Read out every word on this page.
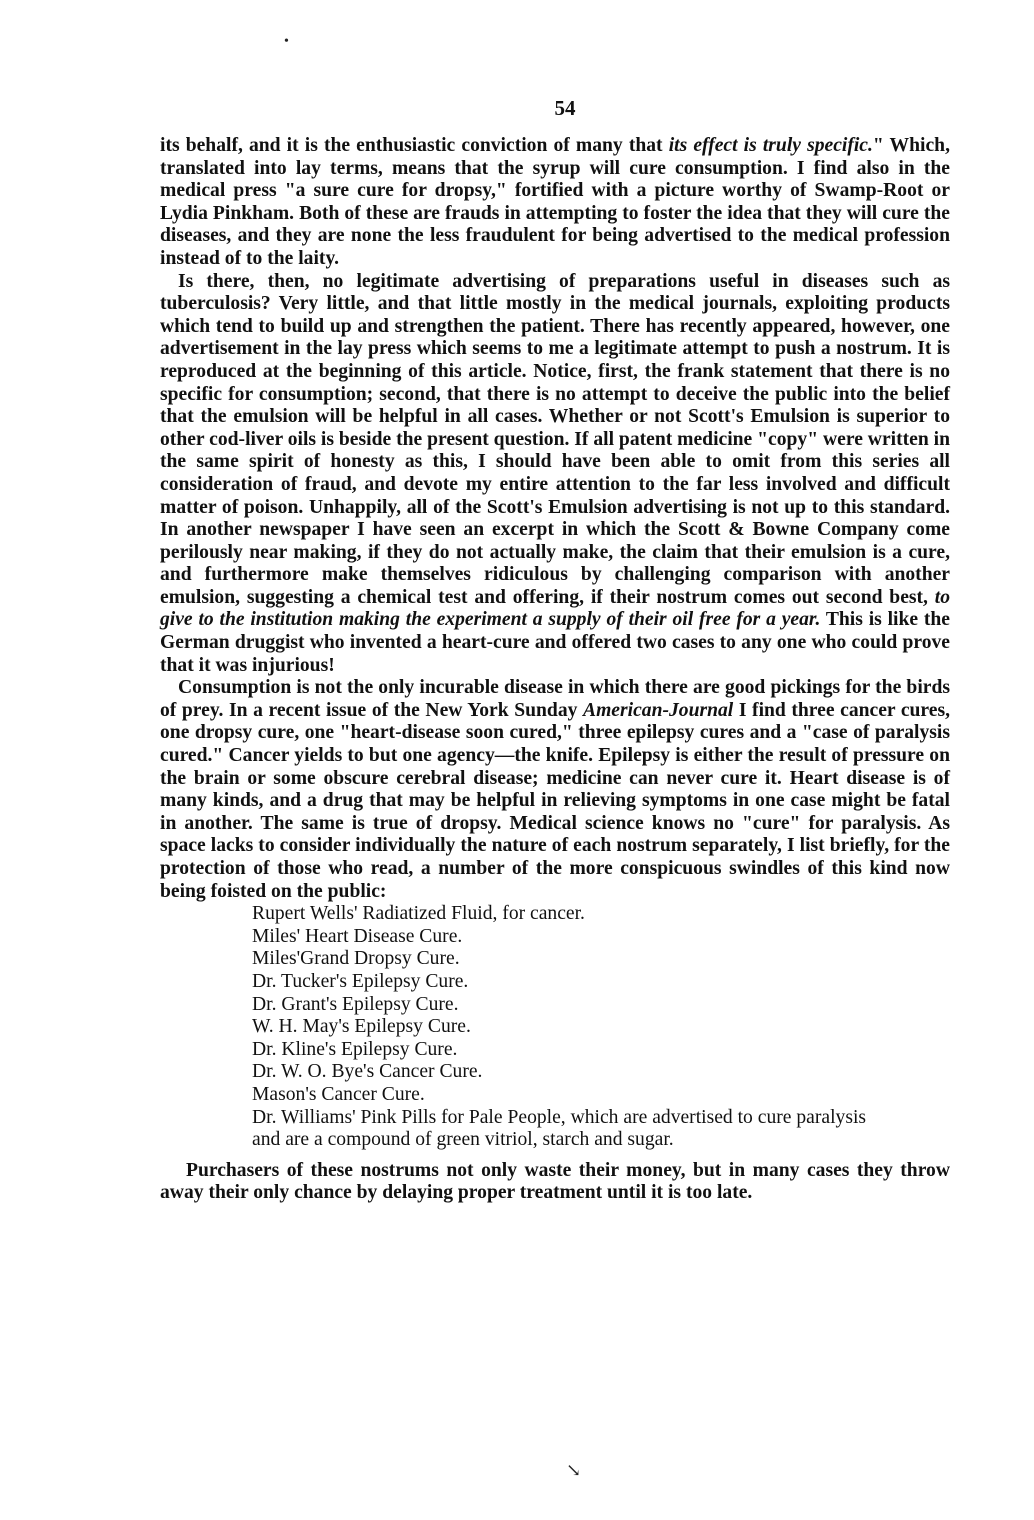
•
↘
54

its behalf, and it is the enthusiastic conviction of many that its effect is truly specific." Which, translated into lay terms, means that the syrup will cure consumption. I find also in the medical press "a sure cure for dropsy," fortified with a picture worthy of Swamp-Root or Lydia Pinkham. Both of these are frauds in attempting to foster the idea that they will cure the diseases, and they are none the less fraudulent for being advertised to the medical profession instead of to the laity.

Is there, then, no legitimate advertising of preparations useful in diseases such as tuberculosis? Very little, and that little mostly in the medical journals, exploiting products which tend to build up and strengthen the patient. There has recently appeared, however, one advertisement in the lay press which seems to me a legitimate attempt to push a nostrum. It is reproduced at the beginning of this article. Notice, first, the frank statement that there is no specific for consumption; second, that there is no attempt to deceive the public into the belief that the emulsion will be helpful in all cases. Whether or not Scott's Emulsion is superior to other cod-liver oils is beside the present question. If all patent medicine "copy" were written in the same spirit of honesty as this, I should have been able to omit from this series all consideration of fraud, and devote my entire attention to the far less involved and difficult matter of poison. Unhappily, all of the Scott's Emulsion advertising is not up to this standard. In another newspaper I have seen an excerpt in which the Scott & Bowne Company come perilously near making, if they do not actually make, the claim that their emulsion is a cure, and furthermore make themselves ridiculous by challenging comparison with another emulsion, suggesting a chemical test and offering, if their nostrum comes out second best, to give to the institution making the experiment a supply of their oil free for a year. This is like the German druggist who invented a heart-cure and offered two cases to any one who could prove that it was injurious!

Consumption is not the only incurable disease in which there are good pickings for the birds of prey. In a recent issue of the New York Sunday American-Journal I find three cancer cures, one dropsy cure, one "heart-disease soon cured," three epilepsy cures and a "case of paralysis cured." Cancer yields to but one agency—the knife. Epilepsy is either the result of pressure on the brain or some obscure cerebral disease; medicine can never cure it. Heart disease is of many kinds, and a drug that may be helpful in relieving symptoms in one case might be fatal in another. The same is true of dropsy. Medical science knows no "cure" for paralysis. As space lacks to consider individually the nature of each nostrum separately, I list briefly, for the protection of those who read, a number of the more conspicuous swindles of this kind now being foisted on the public:

Rupert Wells' Radiatized Fluid, for cancer.
Miles' Heart Disease Cure.
Miles'Grand Dropsy Cure.
Dr. Tucker's Epilepsy Cure.
Dr. Grant's Epilepsy Cure.
W. H. May's Epilepsy Cure.
Dr. Kline's Epilepsy Cure.
Dr. W. O. Bye's Cancer Cure.
Mason's Cancer Cure.
Dr. Williams' Pink Pills for Pale People, which are advertised to cure paralysis and are a compound of green vitriol, starch and sugar.

Purchasers of these nostrums not only waste their money, but in many cases they throw away their only chance by delaying proper treatment until it is too late.
